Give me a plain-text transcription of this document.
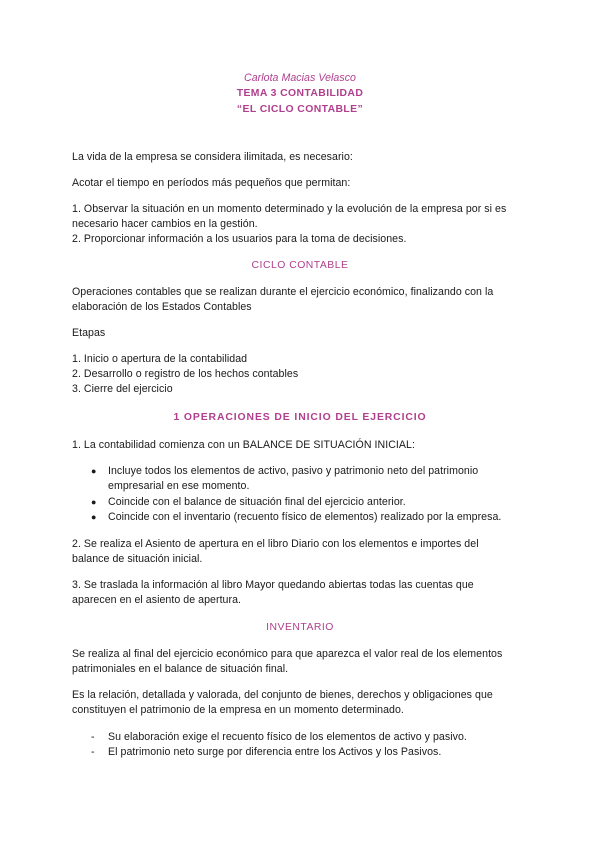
Carlota Macias Velasco
TEMA 3 CONTABILIDAD
“EL CICLO CONTABLE”
La vida de la empresa se considera ilimitada, es necesario:
Acotar el tiempo en períodos más pequeños que permitan:
1. Observar la situación en un momento determinado y la evolución de la empresa por si es
necesario hacer cambios en la gestión.
2. Proporcionar información a los usuarios para la toma de decisiones.
CICLO CONTABLE
Operaciones contables que se realizan durante el ejercicio económico, finalizando con la
elaboración de los Estados Contables
Etapas
1. Inicio o apertura de la contabilidad
2. Desarrollo o registro de los hechos contables
3. Cierre del ejercicio
1 OPERACIONES DE INICIO DEL EJERCICIO
1. La contabilidad comienza con un BALANCE DE SITUACIÓN INICIAL:
● Incluye todos los elementos de activo, pasivo y patrimonio neto del patrimonio
empresarial en ese momento.
● Coincide con el balance de situación final del ejercicio anterior.
● Coincide con el inventario (recuento físico de elementos) realizado por la empresa.
2. Se realiza el Asiento de apertura en el libro Diario con los elementos e importes del
balance de situación inicial.
3. Se traslada la información al libro Mayor quedando abiertas todas las cuentas que
aparecen en el asiento de apertura.
INVENTARIO
Se realiza al final del ejercicio económico para que aparezca el valor real de los elementos
patrimoniales en el balance de situación final.
Es la relación, detallada y valorada, del conjunto de bienes, derechos y obligaciones que
constituyen el patrimonio de la empresa en un momento determinado.
- Su elaboración exige el recuento físico de los elementos de activo y pasivo.
- El patrimonio neto surge por diferencia entre los Activos y los Pasivos.
